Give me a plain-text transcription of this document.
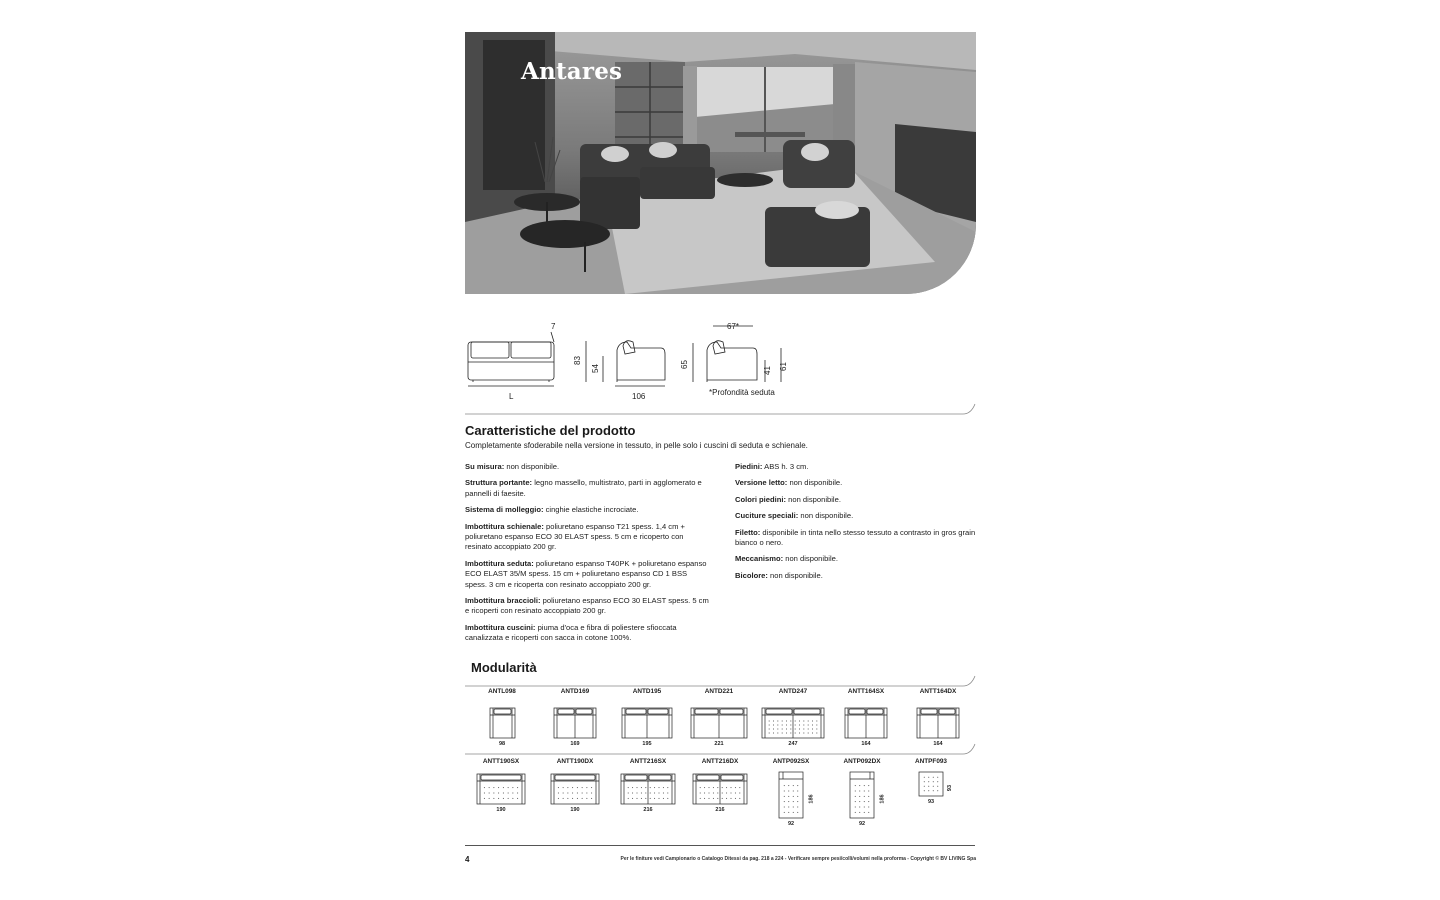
Antares
7
L
83
54
106
67*
65
41 61
*Profondità seduta
Caratteristiche del prodotto
Completamente sfoderabile nella versione in tessuto, in pelle solo i cuscini di seduta e schienale.

Su misura: non disponibile.

Struttura portante: legno massello, multistrato, parti in agglomerato e pannelli di faesite.

Sistema di molleggio: cinghie elastiche incrociate.

Imbottitura schienale: poliuretano espanso T21 spess. 1,4 cm + poliuretano espanso ECO 30 ELAST spess. 5 cm e ricoperto con resinato accoppiato 200 gr.

Imbottitura seduta: poliuretano espanso T40PK + poliuretano espanso ECO ELAST 35/M spess. 15 cm + poliuretano espanso CD 1 BSS spess. 3 cm e ricoperta con resinato accoppiato 200 gr.

Imbottitura braccioli: poliuretano espanso ECO 30 ELAST spess. 5 cm e ricoperti con resinato accoppiato 200 gr.

Imbottitura cuscini: piuma d'oca e fibra di poliestere sfioccata canalizzata e ricoperti con sacca in cotone 100%.

Piedini: ABS h. 3 cm.

Versione letto: non disponibile.

Colori piedini: non disponibile.

Cuciture speciali: non disponibile.

Filetto: disponibile in tinta nello stesso tessuto a contrasto in gros grain bianco o nero.

Meccanismo: non disponibile.

Bicolore: non disponibile.

Modularità
ANTL098
98
ANTD169
169
ANTD195
195
ANTD221
221
ANTD247
247
ANTT164SX
164
ANTT164DX
164
ANTT190SX
190
ANTT190DX
190
ANTT216SX
216
ANTT216DX
216
ANTP092SX
92
186
ANTP092DX
92
186
ANTPF093
93
93
4	Per le finiture vedi Campionario o Catalogo Ditessi da pag. 218 a 224 - Verificare sempre pesi/colli/volumi nella proforma - Copyright © BV LIVING Spa
